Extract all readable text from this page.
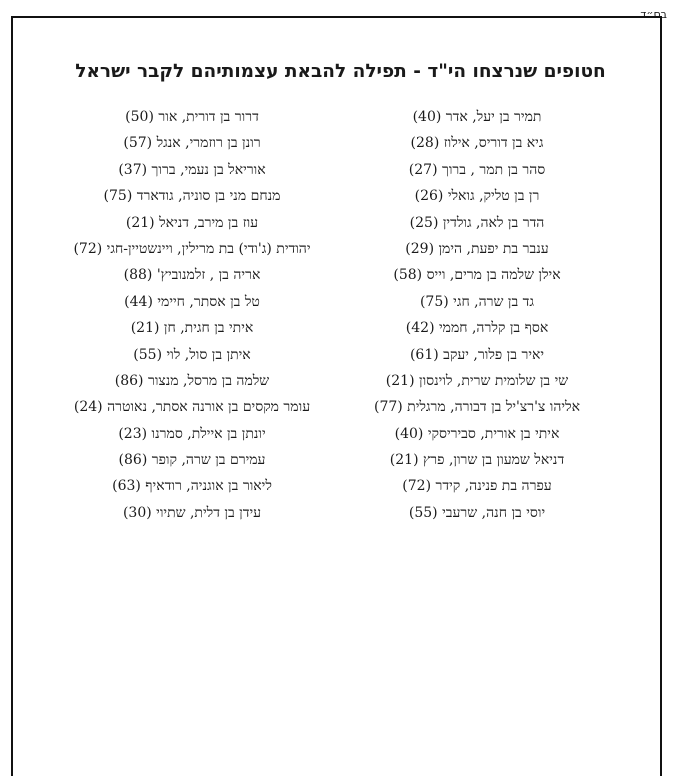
בס״ד
חטופים שנרצחו הי"ד - תפילה להבאת עצמותיהם לקבר ישראל
תמיר בן יעל, אדר (40)
גיא בן דוריס, אילוז (28)
סהר בן תמר , ברוך (27)
רן בן טליק, גואלי (26)
הדר בן לאה, גולדין (25)
ענבר בת יפעת, הימן (29)
אילן שלמה בן מרים, וייס (58)
גד בן שרה, חגי (75)
אסף בן קלרה, חממי (42)
יאיר בן פלור, יעקב (61)
שי בן שלומית שרית, לוינסון (21)
אליהו צ'רצ'יל בן דבורה, מרגלית (77)
איתי בן אורית, סביריסקי (40)
דניאל שמעון בן שרון, פרץ (21)
עפרה בת פנינה, קידר (72)
יוסי בן חנה, שרעבי (55)
דרור בן דורית, אור (50)
רונן בן רוזמרי, אנגל (57)
אוריאל בן נעמי, ברוך (37)
מנחם מני בן סוניה, גודארד (75)
עוז בן מירב, דניאל (21)
יהודית (ג'ודי) בת מרילין, ויינשטיין-חגי (72)
אריה בן , זלמנוביץ' (88)
טל בן אסתר, חיימי (44)
איתי בן חגית, חן (21)
איתן בן סול, לוי (55)
שלמה בן מרסל, מנצור (86)
עומר מקסים בן אורנה אסתר, נאוטרה (24)
יונתן בן איילת, סמרנו (23)
עמירם בן שרה, קופר (86)
ליאור בן אוגניה, רודאיף (63)
עידן בן דלית, שתיוי (30)
